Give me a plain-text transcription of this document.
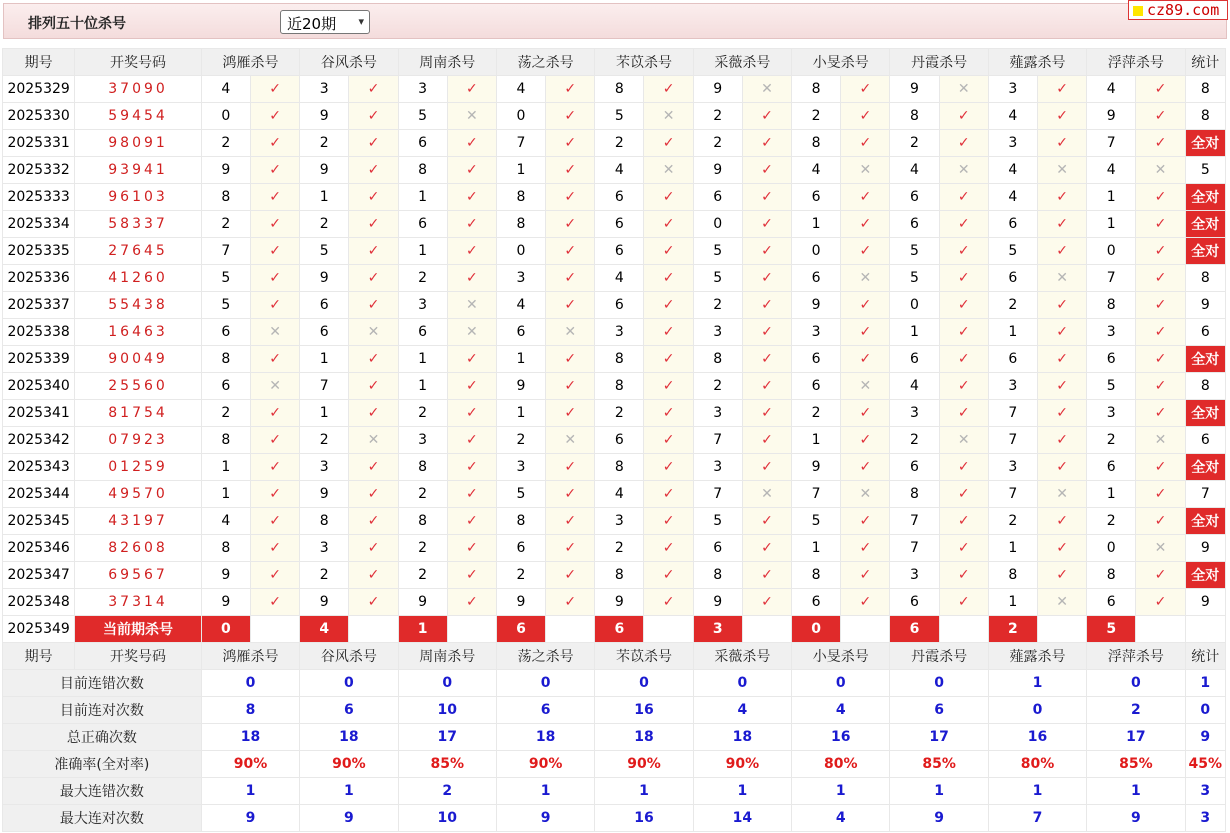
排列五十位杀号	近20期 ▾
cz89.com
期号	开奖号码	鸿雁杀号		谷风杀号		周南杀号		荡之杀号		芣苡杀号		采薇杀号		小旻杀号		丹霞杀号		薤露杀号		浮萍杀号		统计
2025329	37090	4	✓	3	✓	3	✓	4	✓	8	✓	9	✕	8	✓	9	✕	3	✓	4	✓	8
2025330	59454	0	✓	9	✓	5	✕	0	✓	5	✕	2	✓	2	✓	8	✓	4	✓	9	✓	8
2025331	98091	2	✓	2	✓	6	✓	7	✓	2	✓	2	✓	8	✓	2	✓	3	✓	7	✓	全对
2025332	93941	9	✓	9	✓	8	✓	1	✓	4	✕	9	✓	4	✕	4	✕	4	✕	4	✕	5
2025333	96103	8	✓	1	✓	1	✓	8	✓	6	✓	6	✓	6	✓	6	✓	4	✓	1	✓	全对
2025334	58337	2	✓	2	✓	6	✓	8	✓	6	✓	0	✓	1	✓	6	✓	6	✓	1	✓	全对
2025335	27645	7	✓	5	✓	1	✓	0	✓	6	✓	5	✓	0	✓	5	✓	5	✓	0	✓	全对
2025336	41260	5	✓	9	✓	2	✓	3	✓	4	✓	5	✓	6	✕	5	✓	6	✕	7	✓	8
2025337	55438	5	✓	6	✓	3	✕	4	✓	6	✓	2	✓	9	✓	0	✓	2	✓	8	✓	9
2025338	16463	6	✕	6	✕	6	✕	6	✕	3	✓	3	✓	3	✓	1	✓	1	✓	3	✓	6
2025339	90049	8	✓	1	✓	1	✓	1	✓	8	✓	8	✓	6	✓	6	✓	6	✓	6	✓	全对
2025340	25560	6	✕	7	✓	1	✓	9	✓	8	✓	2	✓	6	✕	4	✓	3	✓	5	✓	8
2025341	81754	2	✓	1	✓	2	✓	1	✓	2	✓	3	✓	2	✓	3	✓	7	✓	3	✓	全对
2025342	07923	8	✓	2	✕	3	✓	2	✕	6	✓	7	✓	1	✓	2	✕	7	✓	2	✕	6
2025343	01259	1	✓	3	✓	8	✓	3	✓	8	✓	3	✓	9	✓	6	✓	3	✓	6	✓	全对
2025344	49570	1	✓	9	✓	2	✓	5	✓	4	✓	7	✕	7	✕	8	✓	7	✕	1	✓	7
2025345	43197	4	✓	8	✓	8	✓	8	✓	3	✓	5	✓	5	✓	7	✓	2	✓	2	✓	全对
2025346	82608	8	✓	3	✓	2	✓	6	✓	2	✓	6	✓	1	✓	7	✓	1	✓	0	✕	9
2025347	69567	9	✓	2	✓	2	✓	2	✓	8	✓	8	✓	8	✓	3	✓	8	✓	8	✓	全对
2025348	37314	9	✓	9	✓	9	✓	9	✓	9	✓	9	✓	6	✓	6	✓	1	✕	6	✓	9
2025349	当前期杀号	0		4		1		6		6		3		0		6		2		5		
期号	开奖号码	鸿雁杀号		谷风杀号		周南杀号		荡之杀号		芣苡杀号		采薇杀号		小旻杀号		丹霞杀号		薤露杀号		浮萍杀号		统计
目前连错次数		0		0		0		0		0		0		0		0		1		0		1
目前连对次数		8		6		10		6		16		4		4		6		0		2		0
总正确次数		18		18		17		18		18		18		16		17		16		17		9
准确率(全对率)		90%		90%		85%		90%		90%		90%		80%		85%		80%		85%		45%
最大连错次数		1		1		2		1		1		1		1		1		1		1		3
最大连对次数		9		9		10		9		16		14		4		9		7		9		3
